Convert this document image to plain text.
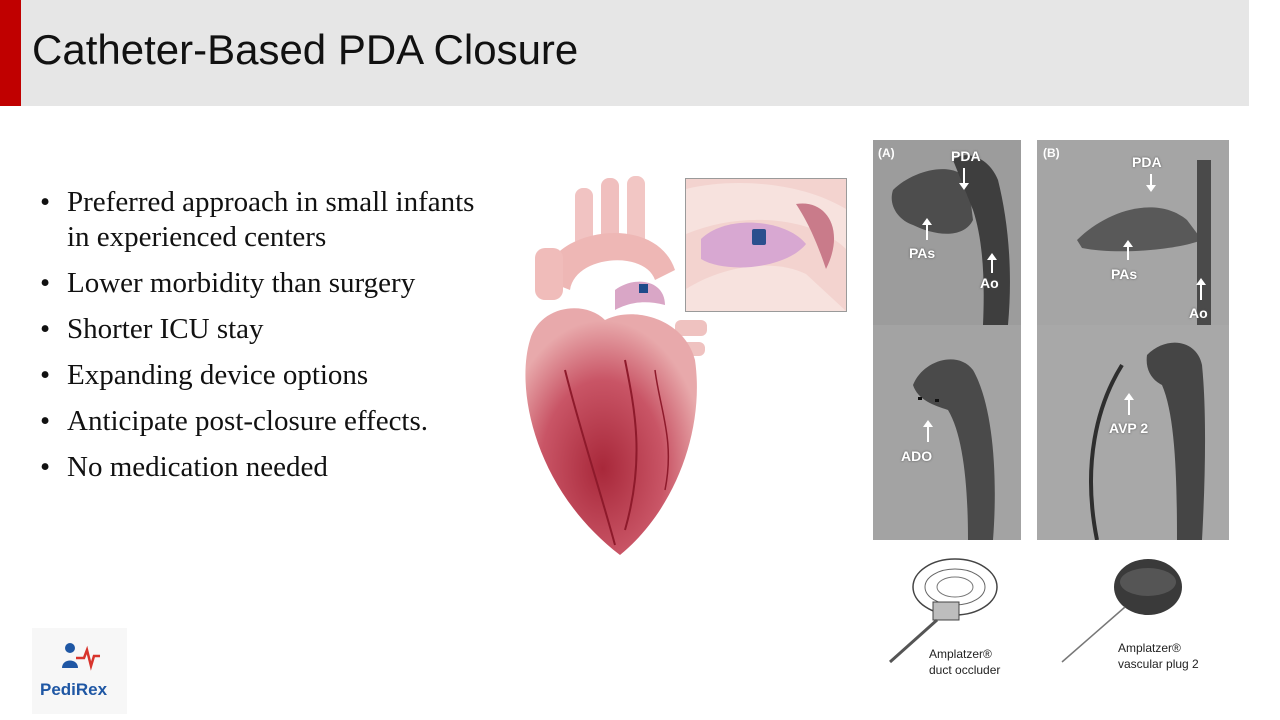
Catheter-Based PDA Closure
• Preferred approach in small infants in experienced centers
• Lower morbidity than surgery
• Shorter ICU stay
• Expanding device options
• Anticipate post-closure effects.
• No medication needed
(A)	PDA
PAs
Ao
ADO
(B)
PDA
PAs
Ao
AVP 2
Amplatzer®
duct occluder
Amplatzer®
vascular plug 2
PediRex
